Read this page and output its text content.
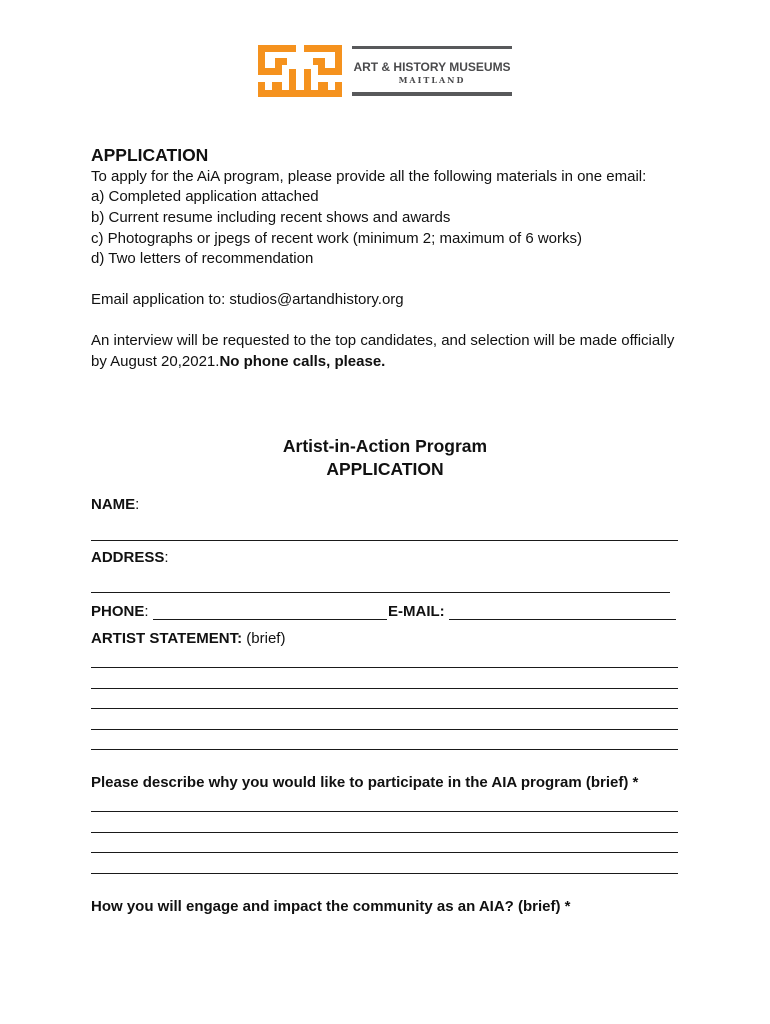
ART & HISTORY MUSEUMS
MAITLAND
APPLICATION
To apply for the AiA program, please provide all the following materials in one email:
a) Completed application attached
b) Current resume including recent shows and awards
c) Photographs or jpegs of recent work (minimum 2; maximum of 6 works)
d) Two letters of recommendation
Email application to: studios@artandhistory.org
An interview will be requested to the top candidates, and selection will be made officially
by August 20,2021.No phone calls, please.
Artist-in-Action Program
APPLICATION
NAME:
ADDRESS:
PHONE:	E-MAIL:
ARTIST STATEMENT: (brief)
Please describe why you would like to participate in the AIA program (brief) *
How you will engage and impact the community as an AIA? (brief) *
